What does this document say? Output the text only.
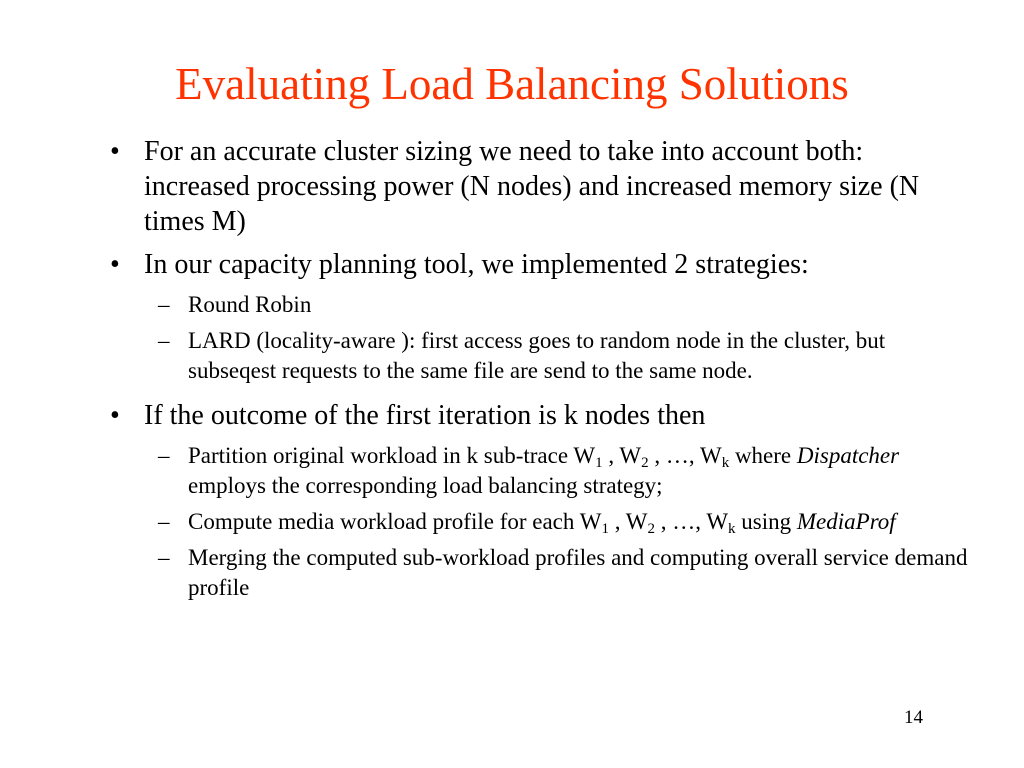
Evaluating Load Balancing Solutions
• For an accurate cluster sizing we need to take into account both: increased processing power (N nodes) and increased memory size (N times M)
• In our capacity planning tool, we implemented 2 strategies:
– Round Robin
– LARD (locality-aware ): first access goes to random node in the cluster, but subseqest requests to the same file are send to the same node.
• If the outcome of the first iteration is k nodes then
– Partition original workload in k sub-trace $W_1$ , $W_2$ , …, $W_k$ where Dispatcher employs the corresponding load balancing strategy;
– Compute media workload profile for each $W_1$ , $W_2$ , …, $W_k$ using MediaProf
– Merging the computed sub-workload profiles and computing overall service demand profile
14
